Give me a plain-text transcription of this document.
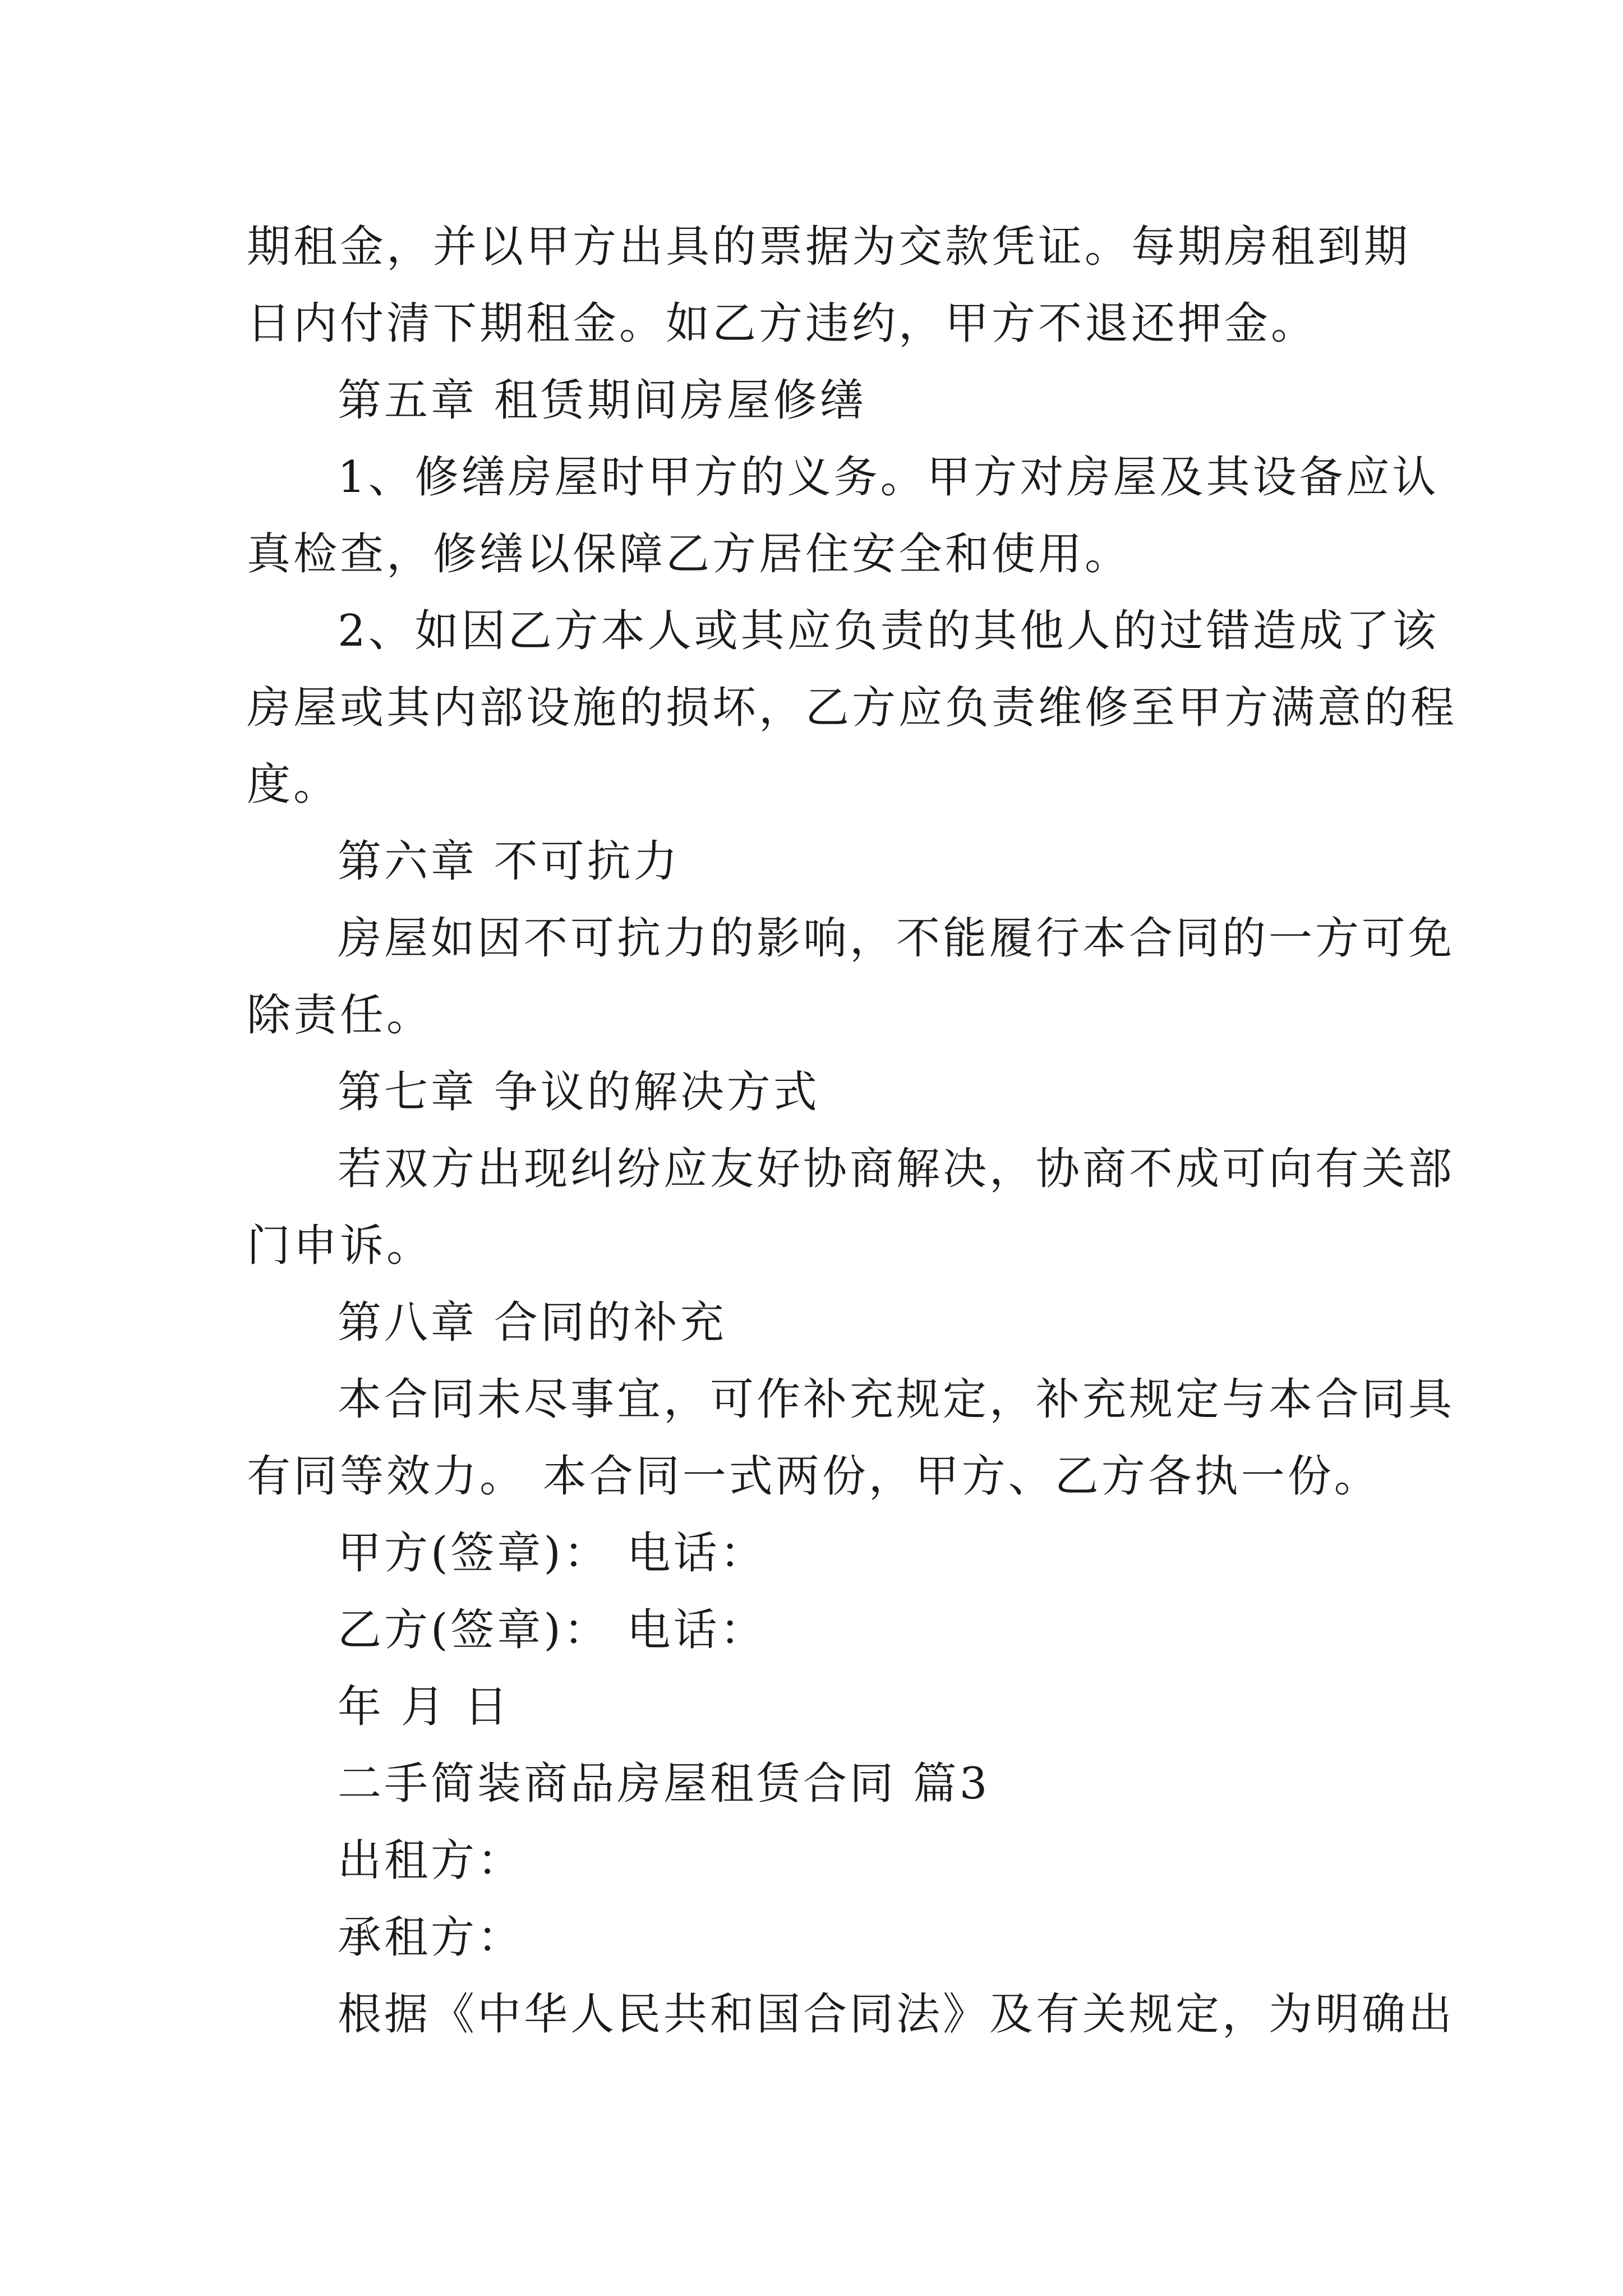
期租金，并以甲方出具的票据为交款凭证。每期房租到期
日内付清下期租金。如乙方违约，甲方不退还押金。
第五章 租赁期间房屋修缮
1、修缮房屋时甲方的义务。甲方对房屋及其设备应认
真检查，修缮以保障乙方居住安全和使用。
2、如因乙方本人或其应负责的其他人的过错造成了该
房屋或其内部设施的损坏，乙方应负责维修至甲方满意的程
度。
第六章 不可抗力
房屋如因不可抗力的影响，不能履行本合同的一方可免
除责任。
第七章 争议的解决方式
若双方出现纠纷应友好协商解决，协商不成可向有关部
门申诉。
第八章 合同的补充
本合同未尽事宜，可作补充规定，补充规定与本合同具
有同等效力。 本合同一式两份，甲方、乙方各执一份。
甲方(签章)： 电话：
乙方(签章)： 电话：
年 月 日
二手简装商品房屋租赁合同 篇3
出租方：
承租方：
根据《中华人民共和国合同法》及有关规定，为明确出
